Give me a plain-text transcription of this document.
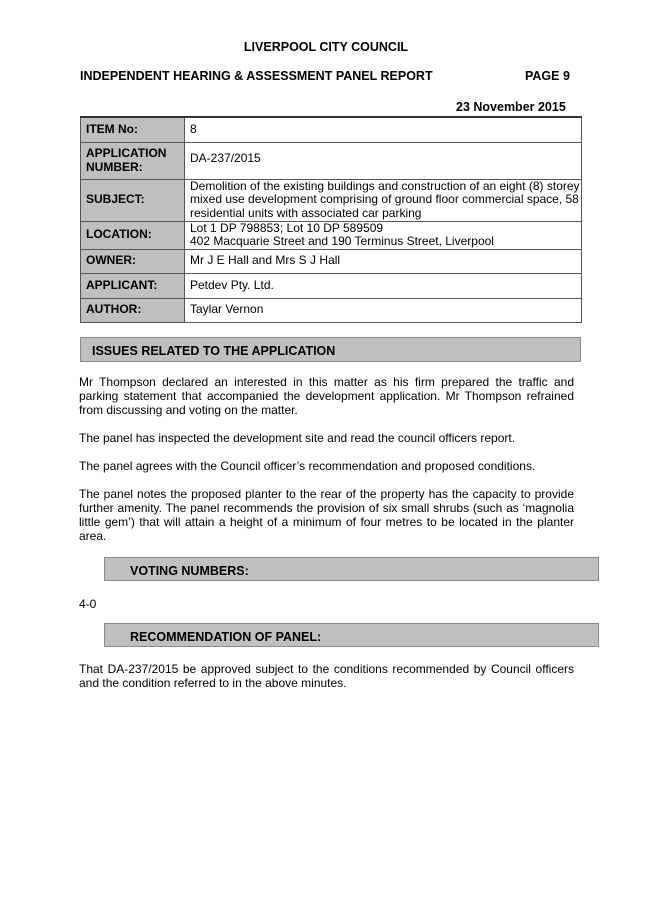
LIVERPOOL CITY COUNCIL
INDEPENDENT HEARING & ASSESSMENT PANEL REPORT	PAGE 9
23 November 2015
ITEM No:	8
APPLICATION NUMBER:	DA-237/2015
SUBJECT:	Demolition of the existing buildings and construction of an eight (8) storey mixed use development comprising of ground floor commercial space, 58 residential units with associated car parking
LOCATION:	Lot 1 DP 798853; Lot 10 DP 589509
402 Macquarie Street and 190 Terminus Street, Liverpool

OWNER:	Mr J E Hall and Mrs S J Hall
APPLICANT:	Petdev Pty. Ltd.
AUTHOR:	Taylar Vernon
ISSUES RELATED TO THE APPLICATION
Mr Thompson declared an interested in this matter as his firm prepared the traffic and parking statement that accompanied the development application. Mr Thompson refrained from discussing and voting on the matter.
The panel has inspected the development site and read the council officers report.
The panel agrees with the Council officer’s recommendation and proposed conditions.
The panel notes the proposed planter to the rear of the property has the capacity to provide further amenity. The panel recommends the provision of six small shrubs (such as ‘magnolia little gem’) that will attain a height of a minimum of four metres to be located in the planter area.
VOTING NUMBERS:
4-0
RECOMMENDATION OF PANEL:
That DA-237/2015 be approved subject to the conditions recommended by Council officers and the condition referred to in the above minutes.
